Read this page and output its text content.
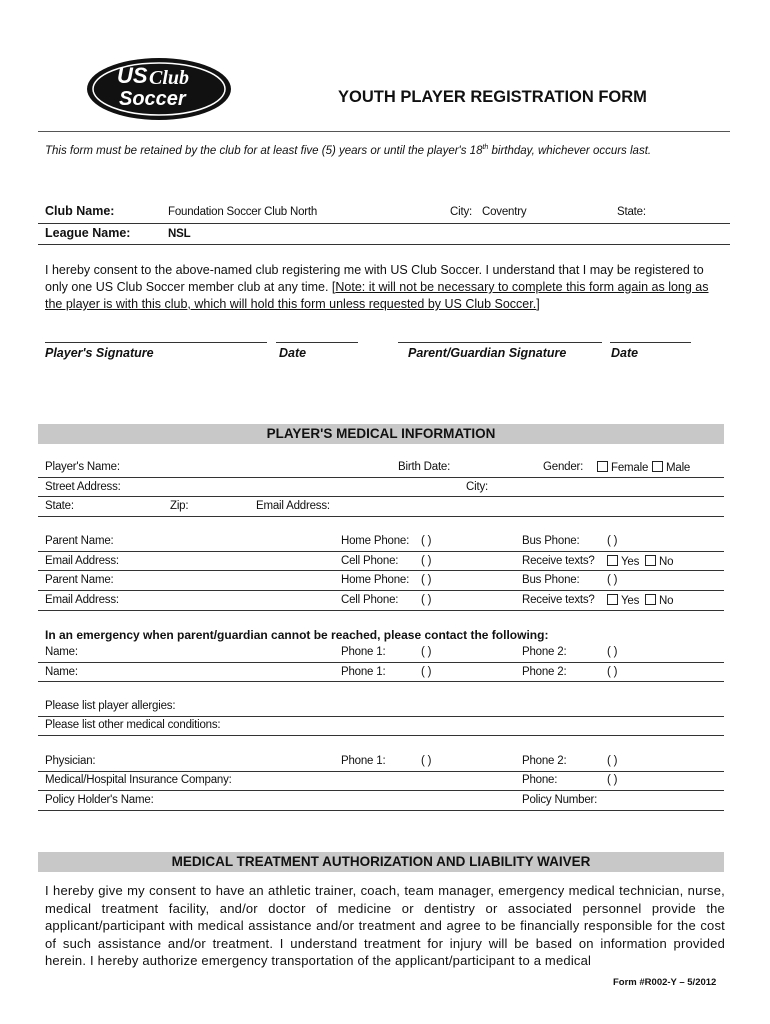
US Club
Soccer	YOUTH PLAYER REGISTRATION FORM
This form must be retained by the club for at least five (5) years or until the player's 18th birthday, whichever occurs last.
Club Name:	Foundation Soccer Club North	City: Coventry	State:
League Name:	NSL
I hereby consent to the above-named club registering me with US Club Soccer. I understand that I may be registered to only one US Club Soccer member club at any time. [Note: it will not be necessary to complete this form again as long as the player is with this club, which will hold this form unless requested by US Club Soccer.]
Player's Signature	Date	Parent/Guardian Signature	Date
PLAYER'S MEDICAL INFORMATION
Player's Name:	Birth Date:	Gender:	Female	Male
Street Address:	City:
State:	Zip:	Email Address:
Parent Name:	Home Phone: ( )	Bus Phone: ( )
Email Address:	Cell Phone: ( )	Receive texts?	Yes	No
Parent Name:	Home Phone: ( )	Bus Phone: ( )
Email Address:	Cell Phone: ( )	Receive texts?	Yes	No
In an emergency when parent/guardian cannot be reached, please contact the following:
Name:	Phone 1:	( )	Phone 2:	( )
Name:	Phone 1:	( )	Phone 2:	( )
Please list player allergies:
Please list other medical conditions:
Physician:	Phone 1:	( )	Phone 2:	( )
Medical/Hospital Insurance Company:	Phone:	( )
Policy Holder's Name:	Policy Number:
MEDICAL TREATMENT AUTHORIZATION AND LIABILITY WAIVER
I hereby give my consent to have an athletic trainer, coach, team manager, emergency medical technician, nurse, medical treatment facility, and/or doctor of medicine or dentistry or associated personnel provide the applicant/participant with medical assistance and/or treatment and agree to be financially responsible for the cost of such assistance and/or treatment. I understand treatment for injury will be based on information provided herein. I hereby authorize emergency transportation of the applicant/participant to a medical
Form #R002-Y – 5/2012
